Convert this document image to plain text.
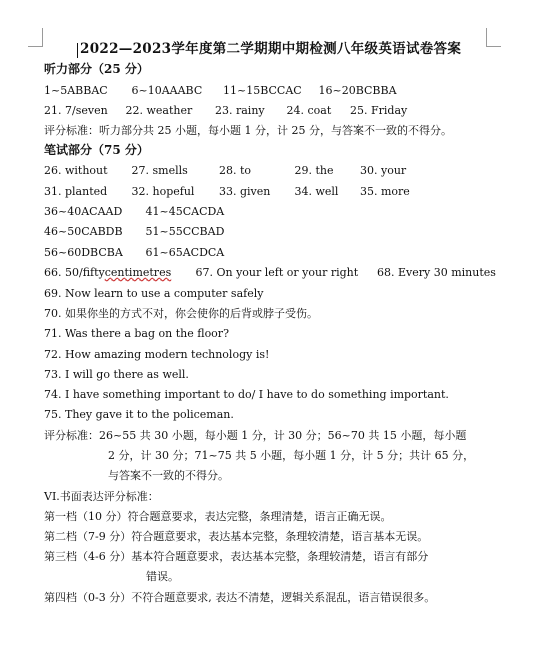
2022—2023学年度第二学期期中期检测八年级英语试卷答案
听力部分（25 分）
1~5ABBAC 6~10AAABC 11~15BCCAC 16~20BCBBA
21. 7/seven 22. weather 23. rainy 24. coat 25. Friday
评分标准：听力部分共 25 小题，每小题 1 分，计 25 分，与答案不一致的不得分。
笔试部分（75 分）
26. without 27. smells	28. to	29. the 30. your
31. planted 32. hopeful 33. given 34. well 35. more
36~40ACAAD 41~45CACDA
46~50CABDB 51~55CCBAD
56~60DBCBA 61~65ACDCA
66. 50/fiftycentimetres 67. On your left or your right 68. Every 30 minutes
69. Now learn to use a computer safely
70. 如果你坐的方式不对，你会使你的后背或脖子受伤。
71. Was there a bag on the floor?
72. How amazing modern technology is!
73. I will go there as well.
74. I have something important to do/ I have to do something important.
75. They gave it to the policeman.
评分标准：26~55 共 30 小题，每小题 1 分，计 30 分；56~70 共 15 小题，每小题
2 分，计 30 分；71~75 共 5 小题，每小题 1 分，计 5 分；共计 65 分，
与答案不一致的不得分。
VI.书面表达评分标准：
第一档（10 分）符合题意要求，表达完整，条理清楚，语言正确无误。
第二档（7-9 分）符合题意要求，表达基本完整，条理较清楚，语言基本无误。
第三档（4-6 分）基本符合题意要求，表达基本完整，条理较清楚，语言有部分
错误。
第四档（0-3 分）不符合题意要求, 表达不清楚，逻辑关系混乱，语言错误很多。
